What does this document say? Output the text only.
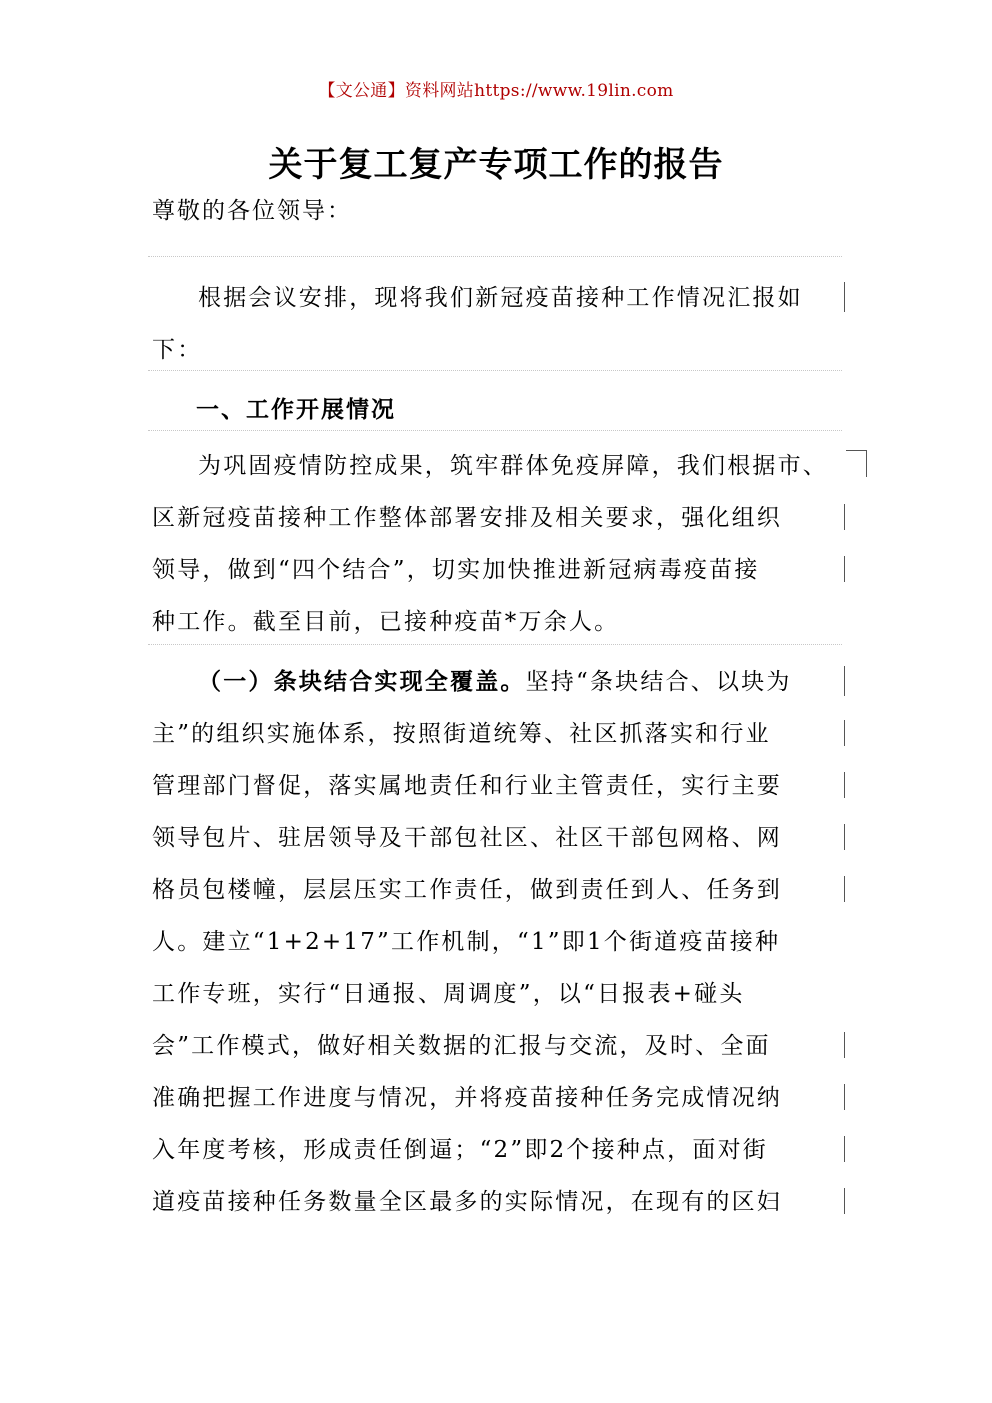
【文公通】资料网站https://www.19lin.com
关于复工复产专项工作的报告
尊敬的各位领导：
根据会议安排，现将我们新冠疫苗接种工作情况汇报如
下：
一、工作开展情况
为巩固疫情防控成果，筑牢群体免疫屏障，我们根据市、
区新冠疫苗接种工作整体部署安排及相关要求，强化组织
领导，做到“四个结合”，切实加快推进新冠病毒疫苗接
种工作。截至目前，已接种疫苗*万余人。
（一）条块结合实现全覆盖。坚持“条块结合、以块为
主”的组织实施体系，按照街道统筹、社区抓落实和行业
管理部门督促，落实属地责任和行业主管责任，实行主要
领导包片、驻居领导及干部包社区、社区干部包网格、网
格员包楼幢，层层压实工作责任，做到责任到人、任务到
人。建立“1+2+17”工作机制，“1”即1个街道疫苗接种
工作专班，实行“日通报、周调度”，以“日报表+碰头
会”工作模式，做好相关数据的汇报与交流，及时、全面
准确把握工作进度与情况，并将疫苗接种任务完成情况纳
入年度考核，形成责任倒逼；“2”即2个接种点，面对街
道疫苗接种任务数量全区最多的实际情况，在现有的区妇
